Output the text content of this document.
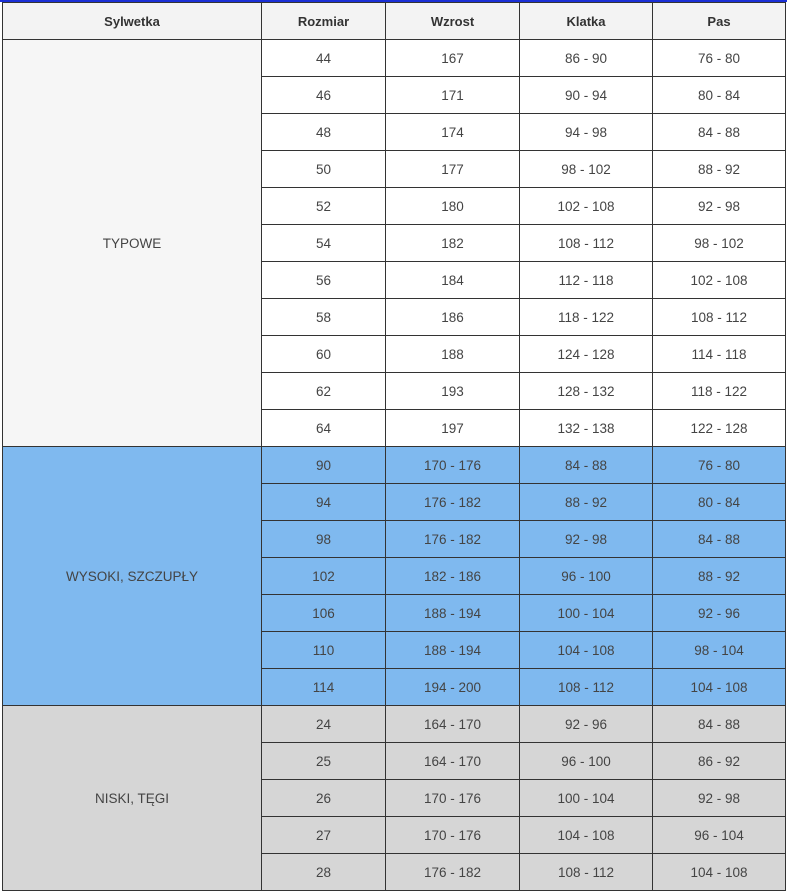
Sylwetka	Rozmiar	Wzrost	Klatka	Pas
TYPOWE	44	167	86 - 90	76 - 80
	46	171	90 - 94	80 - 84
	48	174	94 - 98	84 - 88
	50	177	98 - 102	88 - 92
	52	180	102 - 108	92 - 98
	54	182	108 - 112	98 - 102
	56	184	112 - 118	102 - 108
	58	186	118 - 122	108 - 112
	60	188	124 - 128	114 - 118
	62	193	128 - 132	118 - 122
	64	197	132 - 138	122 - 128
WYSOKI, SZCZUPŁY	90	170 - 176	84 - 88	76 - 80
	94	176 - 182	88 - 92	80 - 84
	98	176 - 182	92 - 98	84 - 88
	102	182 - 186	96 - 100	88 - 92
	106	188 - 194	100 - 104	92 - 96
	110	188 - 194	104 - 108	98 - 104
	114	194 - 200	108 - 112	104 - 108
NISKI, TĘGI	24	164 - 170	92 - 96	84 - 88
	25	164 - 170	96 - 100	86 - 92
	26	170 - 176	100 - 104	92 - 98
	27	170 - 176	104 - 108	96 - 104
	28	176 - 182	108 - 112	104 - 108
